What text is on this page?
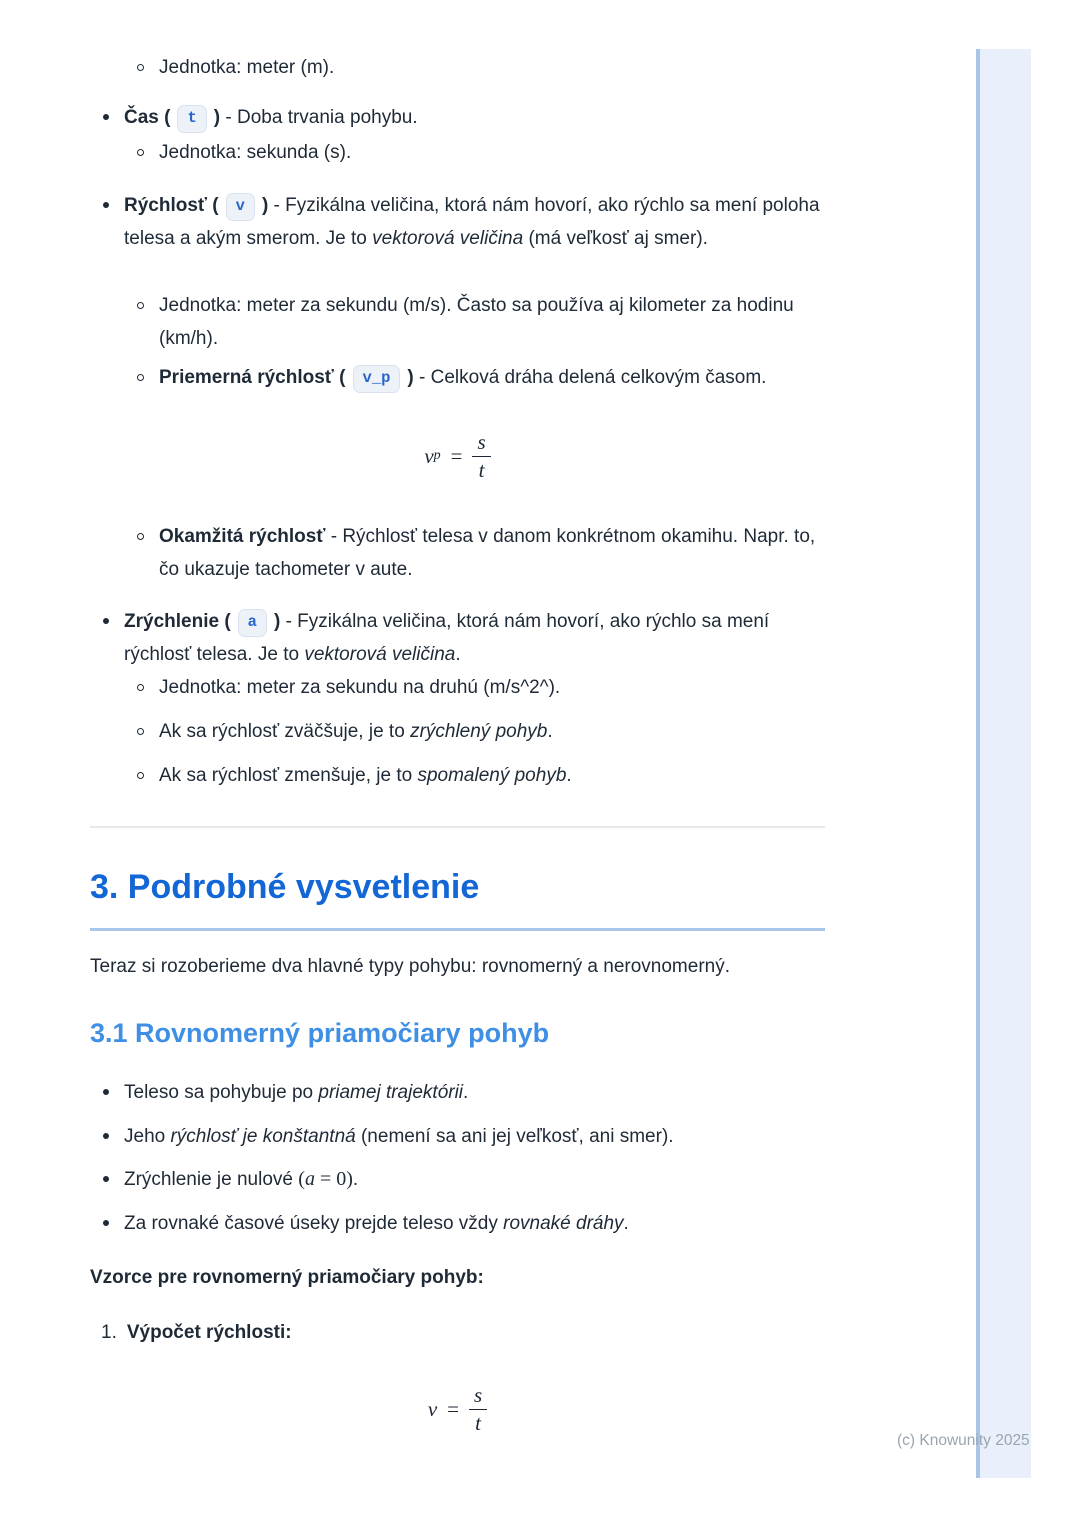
Jednotka: meter (m).
Čas ( t ) - Doba trvania pohybu.
Jednotka: sekunda (s).
Rýchlosť ( v ) - Fyzikálna veličina, ktorá nám hovorí, ako rýchlo sa mení poloha telesa a akým smerom. Je to vektorová veličina (má veľkosť aj smer).
Jednotka: meter za sekundu (m/s). Často sa používa aj kilometer za hodinu (km/h).
Priemerná rýchlosť ( v_p ) - Celková dráha delená celkovým časom.
v $p = \frac{s}{t}$
Okamžitá rýchlosť - Rýchlosť telesa v danom konkrétnom okamihu. Napr. to, čo ukazuje tachometer v aute.
Zrýchlenie ( a ) - Fyzikálna veličina, ktorá nám hovorí, ako rýchlo sa mení rýchlosť telesa. Je to vektorová veličina.
Jednotka: meter za sekundu na druhú (m/s^2^).
Ak sa rýchlosť zväčšuje, je to zrýchlený pohyb.
Ak sa rýchlosť zmenšuje, je to spomalený pohyb.
3. Podrobné vysvetlenie
Teraz si rozoberieme dva hlavné typy pohybu: rovnomerný a nerovnomerný.
3.1 Rovnomerný priamočiary pohyb
Teleso sa pohybuje po priamej trajektórii.
Jeho rýchlosť je konštantná (nemení sa ani jej veľkosť, ani smer).
Zrýchlenie je nulové (a = 0).
Za rovnaké časové úseky prejde teleso vždy rovnaké dráhy.
Vzorce pre rovnomerný priamočiary pohyb:
1. Výpočet rýchlosti:
$v = \frac{s}{t}$
(c) Knowunity 2025
